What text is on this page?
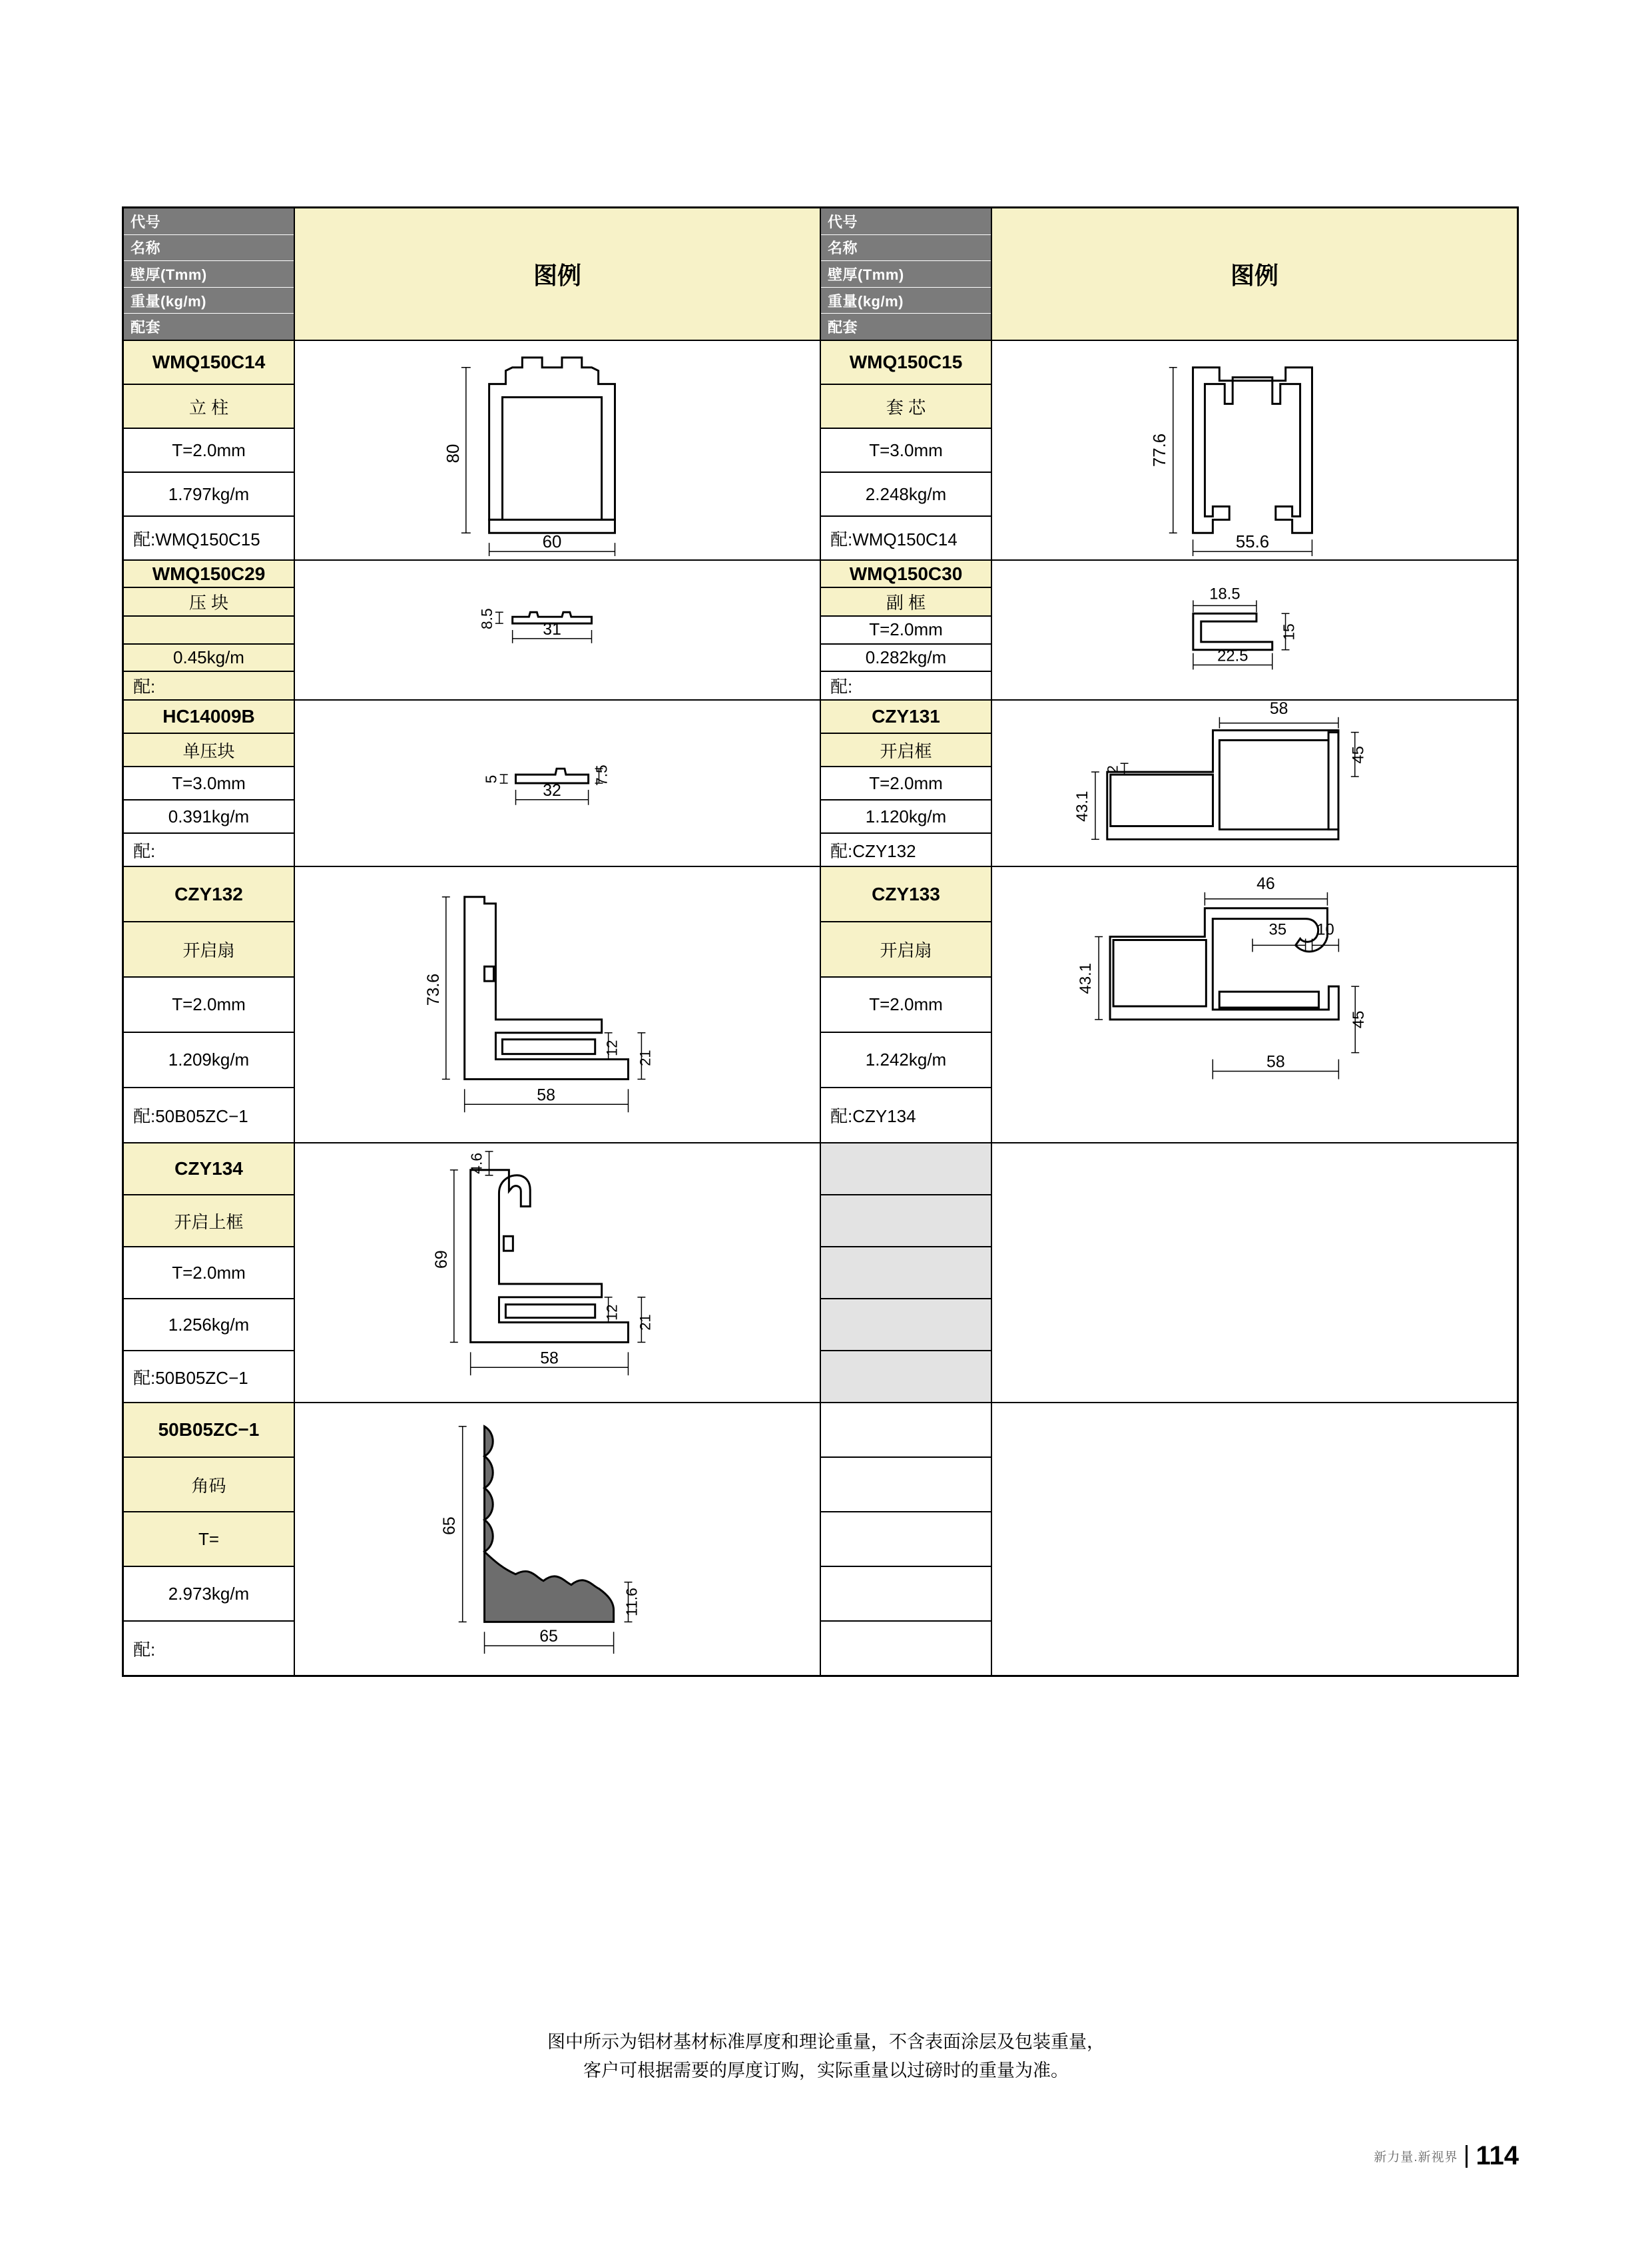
代号
名称
壁厚(Tmm)
重量(kg/m)
配套
图例
WMQ150C14
立 柱
T=2.0mm
1.797kg/m
配:WMQ150C15
80
60
WMQ150C29
压 块
0.45kg/m
配:
8.5
31
HC14009B
单压块
T=3.0mm
0.391kg/m
配:
5	7.5
32
CZY132
开启扇
T=2.0mm
1.209kg/m
配:50B05ZC−1
73.6
58
12
21
CZY134
开启上框
T=2.0mm
1.256kg/m
配:50B05ZC−1
69
4.6
58
12
21
50B05ZC−1
角码
T=
2.973kg/m
配:
65
11.6
65
代号
名称
壁厚(Tmm)
重量(kg/m)
配套
图例
WMQ150C15
套 芯
T=3.0mm
2.248kg/m
配:WMQ150C14
77.6
55.6
WMQ150C30
副 框
T=2.0mm
0.282kg/m
配:
18.5
22.5
15
CZY131
开启框
T=2.0mm
1.120kg/m
配:CZY132
58
45
43.1
2
CZY133
开启扇
T=2.0mm
1.242kg/m
配:CZY134
46
35 10
43.1
45
58
图中所示为铝材基材标准厚度和理论重量，不含表面涂层及包装重量，
客户可根据需要的厚度订购，实际重量以过磅时的重量为准。
新力量.新视界 114
